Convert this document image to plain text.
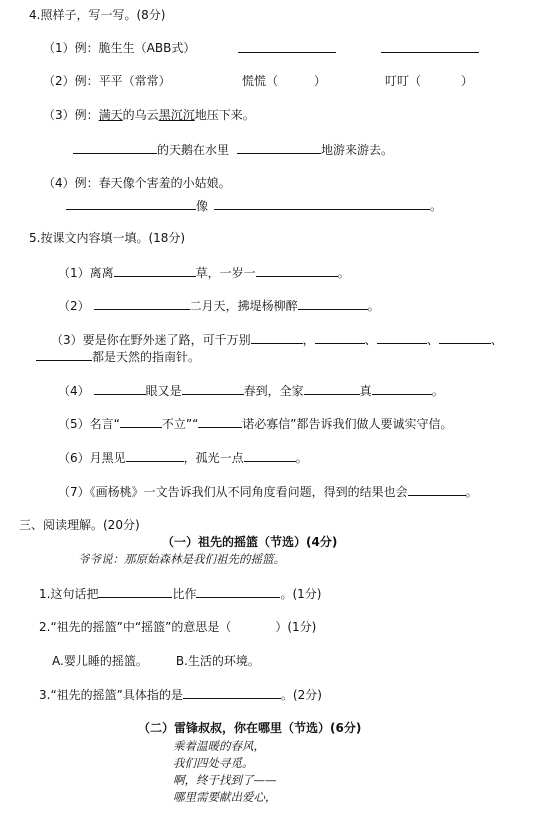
4.照样子，写一写。(8分)
（1）例：脆生生（ABB式）
（2）例：平平（常常）	慌慌（	）	叮叮（	）
（3）例：满天的乌云黑沉沉地压下来。
的天鹅在水里	地游来游去。
（4）例：春天像个害羞的小姑娘。
像	。
5.按课文内容填一填。(18分)
（1）离离	草，一岁一	。
（2）	二月天，拂堤杨柳醉	。
（3）要是你在野外迷了路，可千万别	，	、	、	、
都是天然的指南针。
（4）	眼又是	春到，全家	真	。
（5）名言“	不立”“	诺必寡信”都告诉我们做人要诚实守信。
（6）月黑见	，孤光一点	。
（7）《画杨桃》一文告诉我们从不同角度看问题，得到的结果也会	。
三、阅读理解。(20分)
（一）祖先的摇篮（节选）(4分)
爷爷说：那原始森林是我们祖先的摇篮。
1.这句话把	比作	。(1分)
2.“祖先的摇篮”中“摇篮”的意思是（	）(1分)
A.婴儿睡的摇篮。 B.生活的环境。
3.“祖先的摇篮”具体指的是	。(2分)
（二）雷锋叔叔，你在哪里（节选）(6分)
乘着温暖的春风，
我们四处寻觅。
啊，终于找到了——
哪里需要献出爱心，
